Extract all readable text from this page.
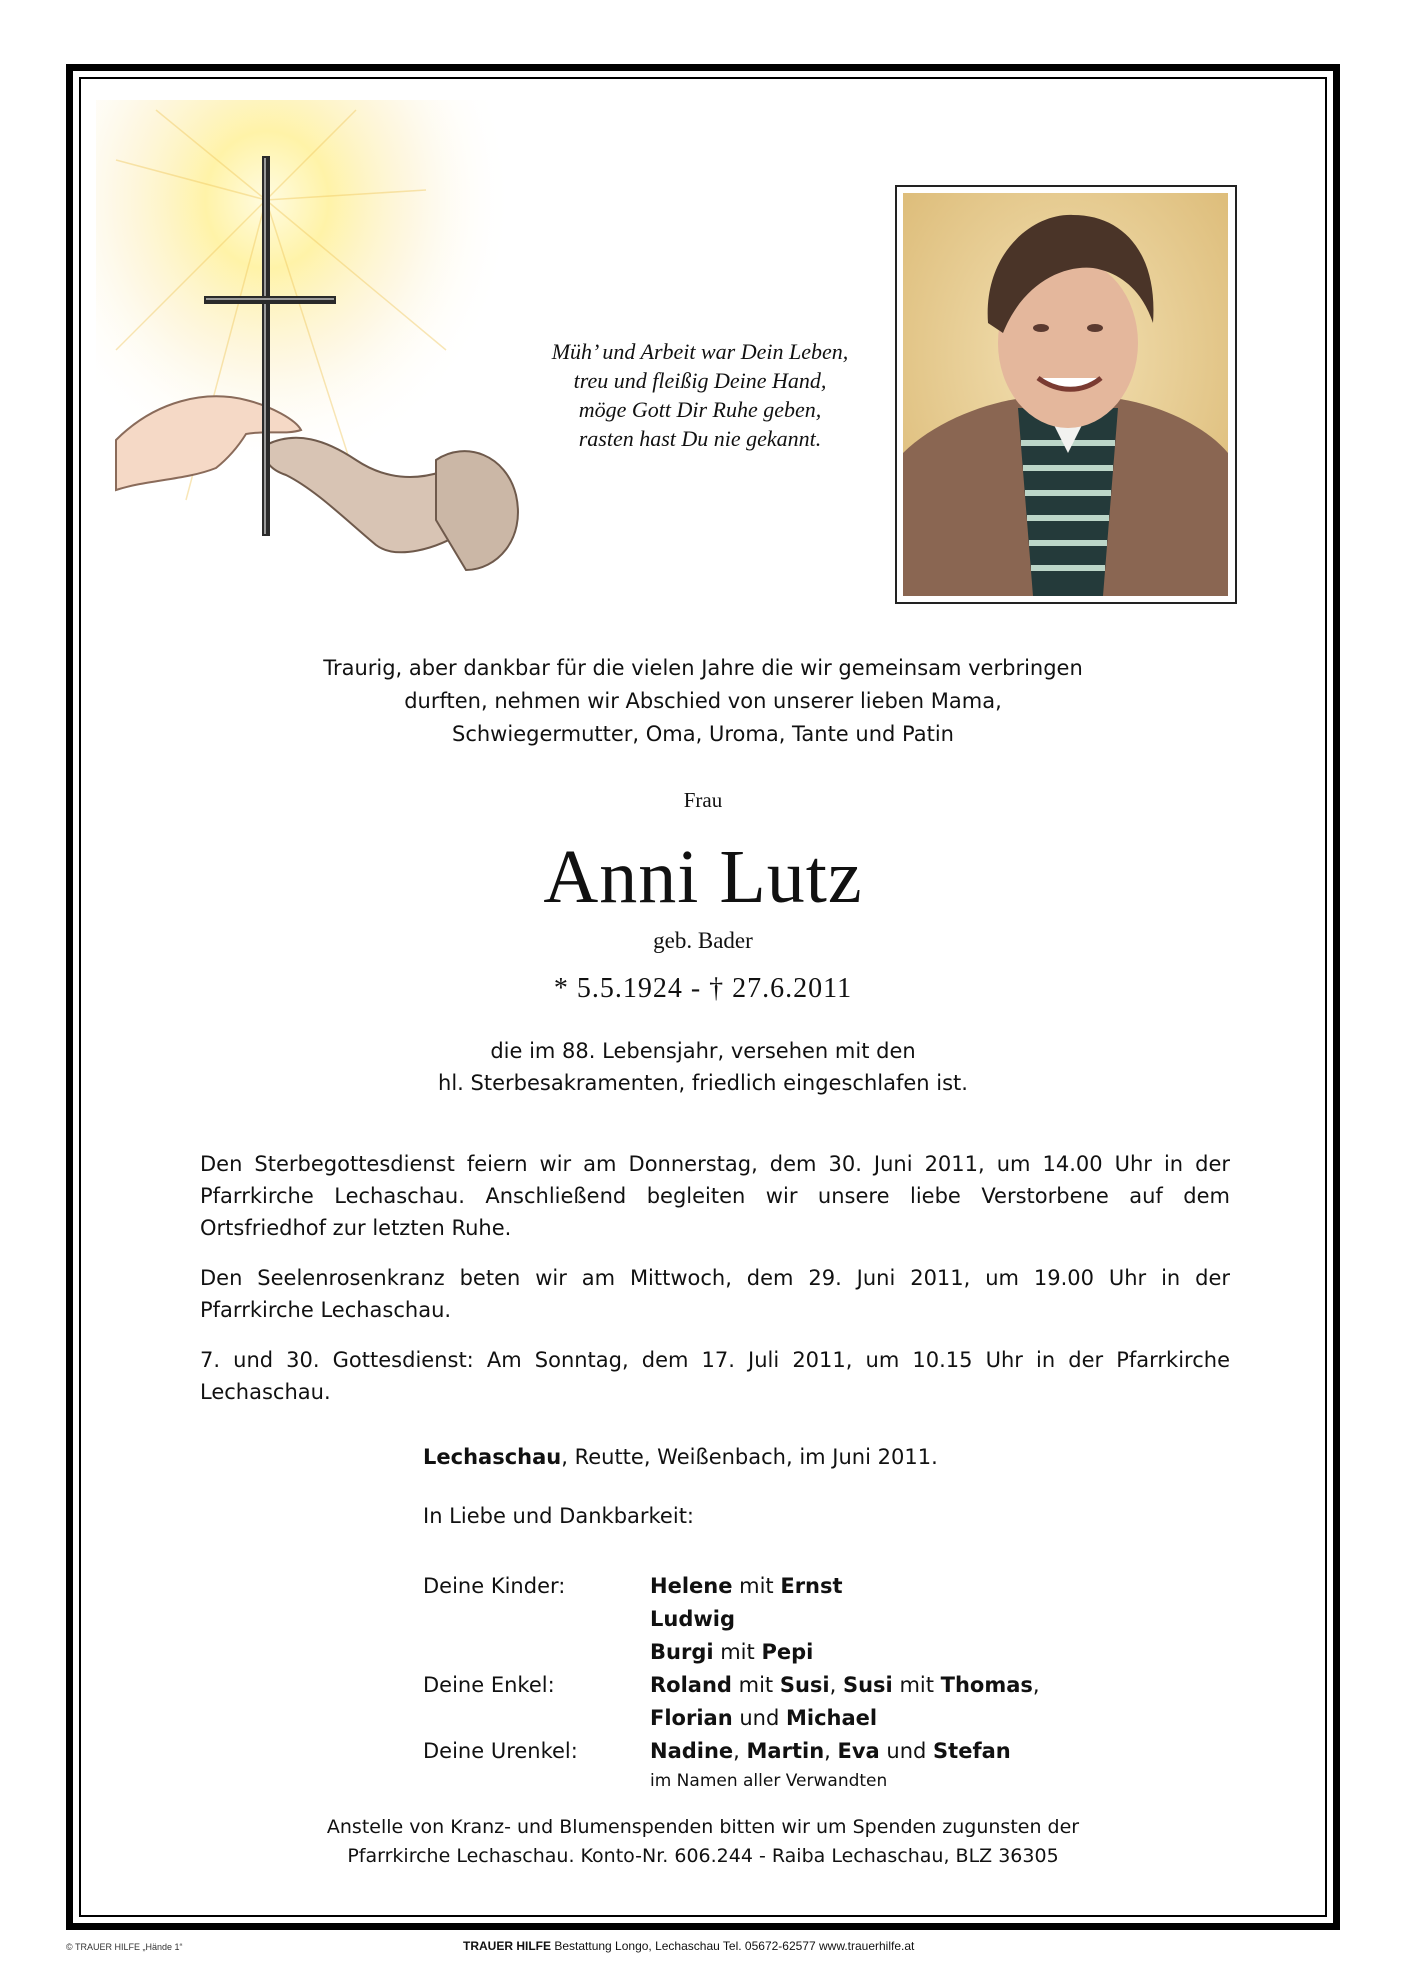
Müh’ und Arbeit war Dein Leben,
treu und fleißig Deine Hand,
möge Gott Dir Ruhe geben,
rasten hast Du nie gekannt.
Traurig, aber dankbar für die vielen Jahre die wir gemeinsam verbringen
durften, nehmen wir Abschied von unserer lieben Mama,
Schwiegermutter, Oma, Uroma, Tante und Patin
Frau
Anni Lutz
geb. Bader
* 5.5.1924 - † 27.6.2011
die im 88. Lebensjahr, versehen mit den
hl. Sterbesakramenten, friedlich eingeschlafen ist.
Den Sterbegottesdienst feiern wir am Donnerstag, dem 30. Juni 2011, um 14.00 Uhr in der Pfarrkirche Lechaschau. Anschließend begleiten wir unsere liebe Verstorbene auf dem Ortsfriedhof zur letzten Ruhe.
Den Seelenrosenkranz beten wir am Mittwoch, dem 29. Juni 2011, um 19.00 Uhr in der Pfarrkirche Lechaschau.
7. und 30. Gottesdienst: Am Sonntag, dem 17. Juli 2011, um 10.15 Uhr in der Pfarrkirche Lechaschau.
Lechaschau, Reutte, Weißenbach, im Juni 2011.
In Liebe und Dankbarkeit:
Deine Kinder:	Helene mit Ernst
Ludwig
Burgi mit Pepi
Deine Enkel:	Roland mit Susi, Susi mit Thomas,
Florian und Michael
Deine Urenkel:	Nadine, Martin, Eva und Stefan
im Namen aller Verwandten
Anstelle von Kranz- und Blumenspenden bitten wir um Spenden zugunsten der
Pfarrkirche Lechaschau. Konto-Nr. 606.244 - Raiba Lechaschau, BLZ 36305
© TRAUER HILFE „Hände 1“	TRAUER HILFE Bestattung Longo, Lechaschau Tel. 05672-62577 www.trauerhilfe.at
